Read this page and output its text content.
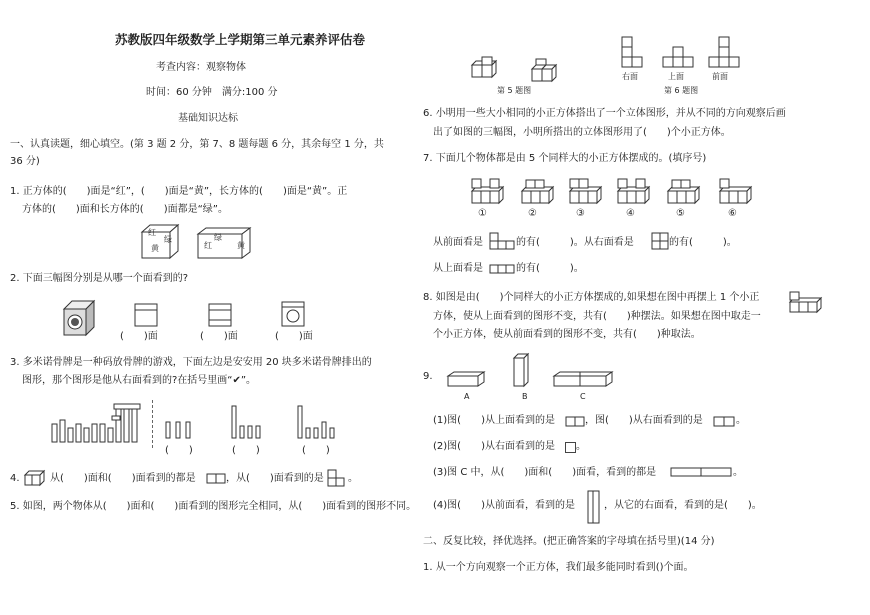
苏教版四年级数学上学期第三单元素养评估卷
考查内容：观察物体
时间：60 分钟　满分:100 分
基础知识达标
一、认真读题，细心填空。(第 3 题 2 分，第 7、8 题每题 6 分，其余每空 1 分，共
36 分)
1. 正方体的(　　)面是“红”，(　　)面是“黄”，长方体的(　　)面是“黄”。正
方体的(　　)面和长方体的(　　)面都是“绿”。
红
绿
黄
绿
红	黄
2. 下面三幅图分别是从哪一个面看到的?
(　　)面	(　　)面	(　　)面
3. 多米诺骨牌是一种码放骨牌的游戏，下面左边是安安用 20 块多米诺骨牌排出的
图形，那个图形是他从右面看到的?在括号里画“✔”。
(　　)	(　　)	(　　)
4.	从(　　)面和(　　)面看到的都是	，从(　　)面看到的是 。
5. 如图，两个物体从(　　)面和(　　)面看到的图形完全相同，从(　　)面看到的图形不同。
第 5 题图
右面	上面	前面
第 6 题图
6. 小明用一些大小相同的小正方体搭出了一个立体图形，并从不同的方向观察后画
出了如图的三幅图，小明所搭出的立体图形用了(　　)个小正方体。
7. 下面几个物体都是由 5 个同样大的小正方体摆成的。(填序号)
①	②	③	④	⑤	⑥
从前面看是	的有(　　　)。从右面看是	的有(　　　)。
从上面看是	的有(　　　)。
8. 如图是由(　　)个同样大的小正方体摆成的,如果想在图中再摆上 1 个小正
方体，使从上面看到的图形不变，共有(　　)种摆法。如果想在图中取走一
个小正方体，使从前面看到的图形不变，共有(　　)种取法。
9.
A	B	C
(1)图(　　)从上面看到的是	，图(　　)从右面看到的是	。
(2)图(　　)从右面看到的是 。
(3)图 C 中，从(　　)面和(　　)面看，看到的都是	。
(4)图(　　)从前面看，看到的是	，从它的右面看，看到的是(　　)。
二、反复比较，择优选择。(把正确答案的字母填在括号里)(14 分)
1. 从一个方向观察一个正方体，我们最多能同时看到()个面。
